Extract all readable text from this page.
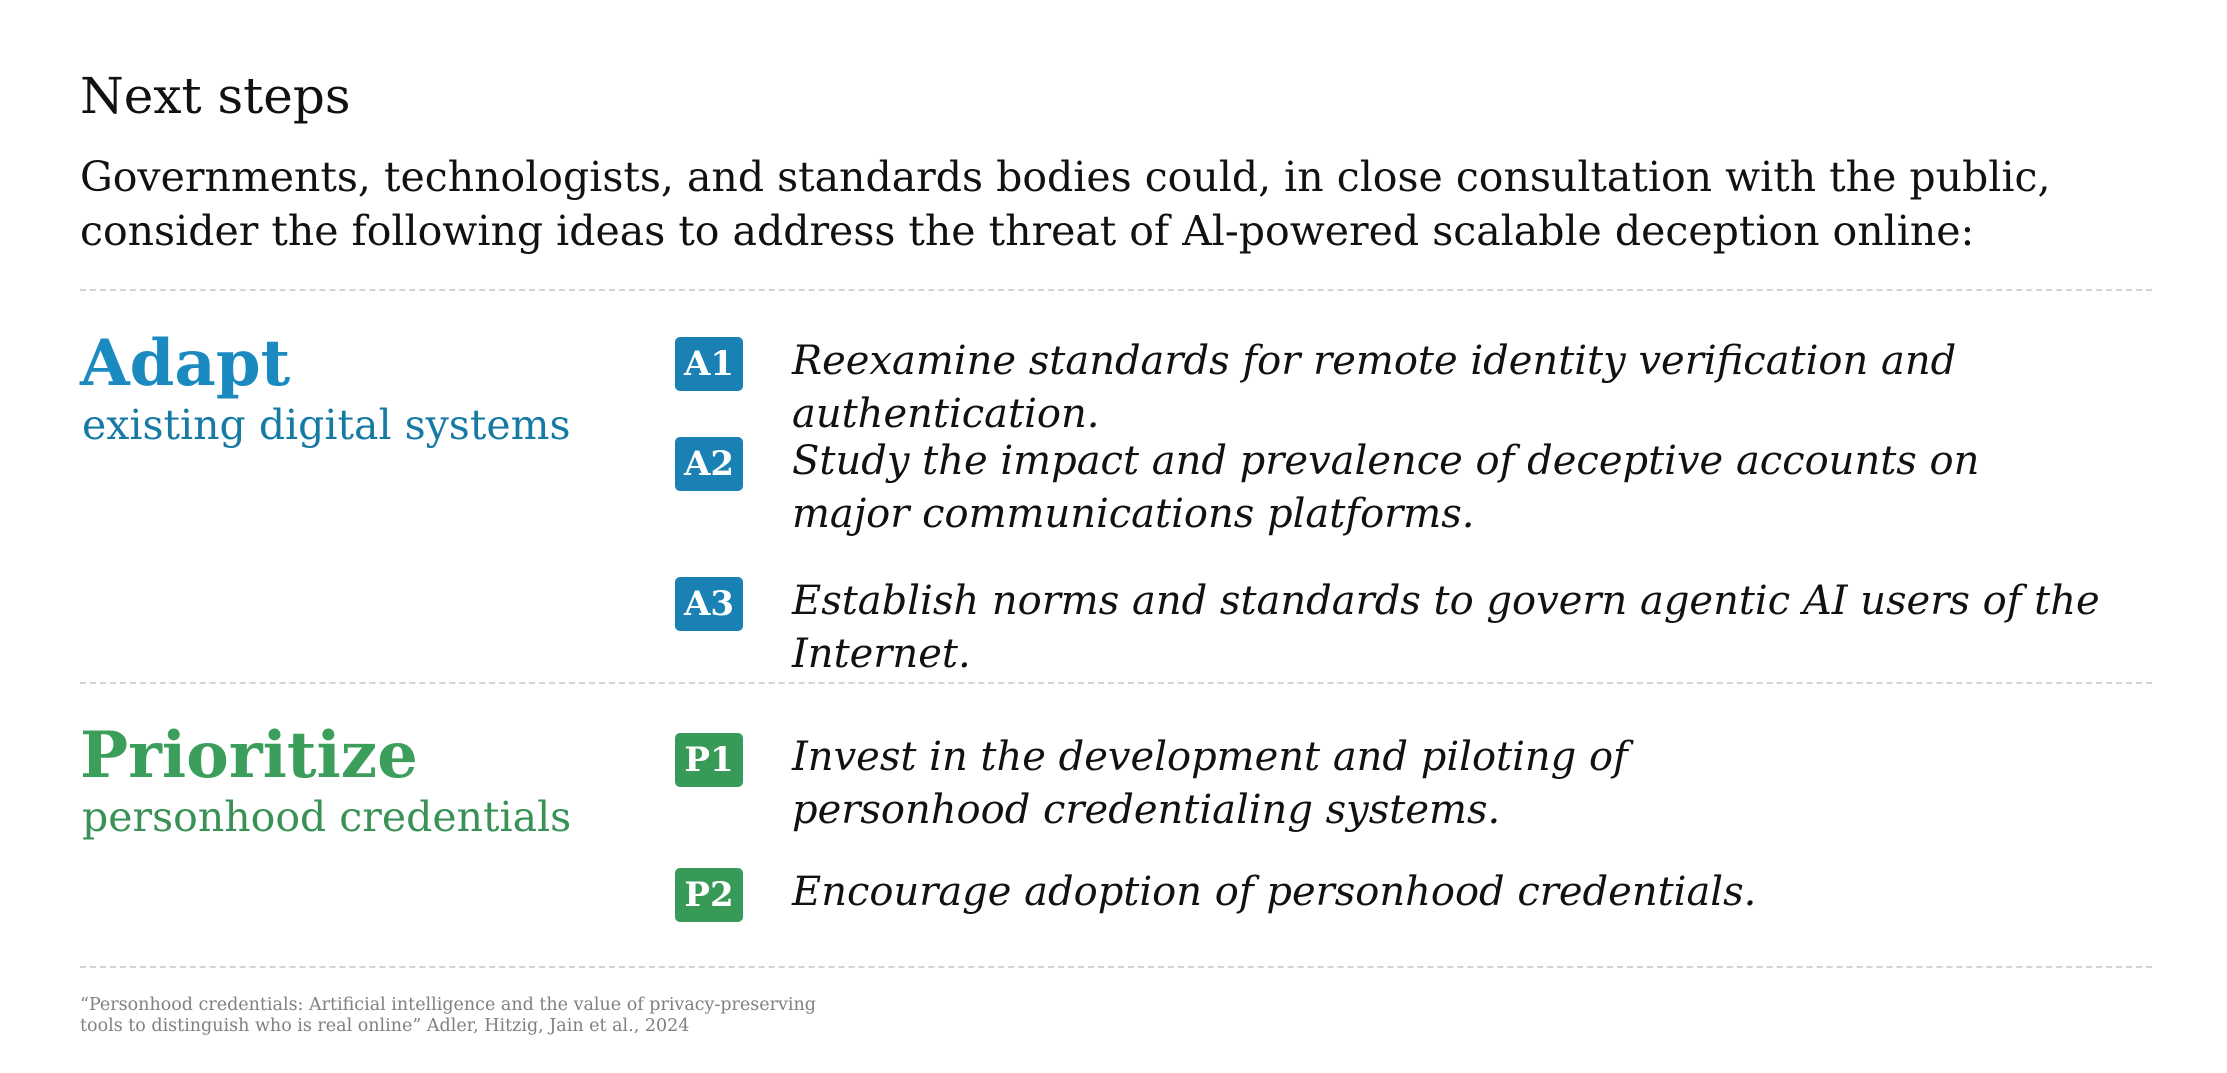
Next steps

Governments, technologists, and standards bodies could, in close consultation with the public, consider the following ideas to address the threat of Al-powered scalable deception online:

Adapt

existing digital systems

A1 Reexamine standards for remote identity verification and authentication.

A2 Study the impact and prevalence of deceptive accounts on major communications platforms.

A3 Establish norms and standards to govern agentic AI users of the Internet.

Prioritize

personhood credentials

P1 Invest in the development and piloting of personhood credentialing systems.

P2 Encourage adoption of personhood credentials.

“Personhood credentials: Artificial intelligence and the value of privacy-preserving tools to distinguish who is real online” Adler, Hitzig, Jain et al., 2024
